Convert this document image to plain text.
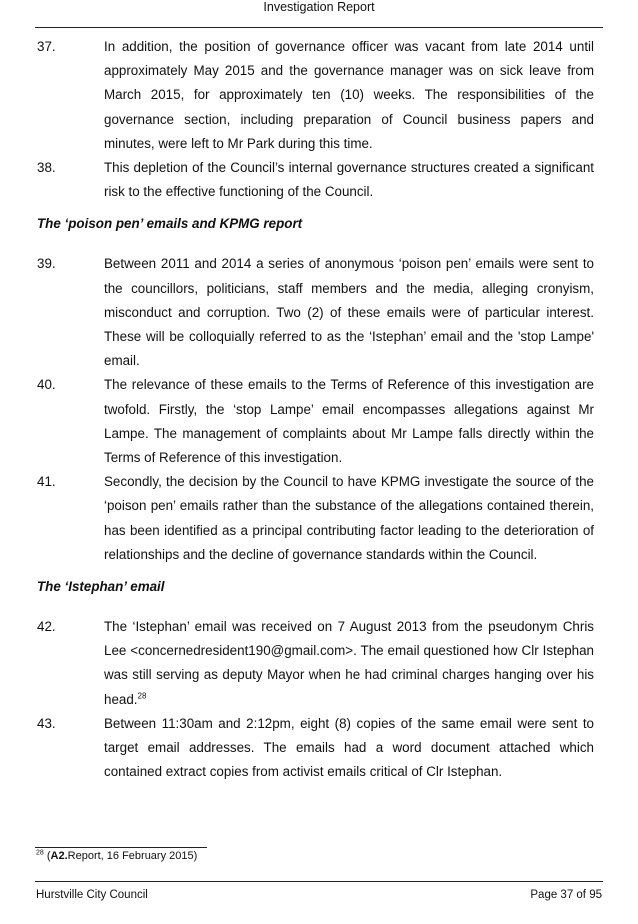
Investigation Report
37.	In addition, the position of governance officer was vacant from late 2014 until approximately May 2015 and the governance manager was on sick leave from March 2015, for approximately ten (10) weeks. The responsibilities of the governance section, including preparation of Council business papers and minutes, were left to Mr Park during this time.
38.	This depletion of the Council’s internal governance structures created a significant risk to the effective functioning of the Council.
The ‘poison pen’ emails and KPMG report
39.	Between 2011 and 2014 a series of anonymous ‘poison pen’ emails were sent to the councillors, politicians, staff members and the media, alleging cronyism, misconduct and corruption. Two (2) of these emails were of particular interest. These will be colloquially referred to as the ‘Istephan’ email and the 'stop Lampe' email.
40.	The relevance of these emails to the Terms of Reference of this investigation are twofold. Firstly, the ‘stop Lampe’ email encompasses allegations against Mr Lampe. The management of complaints about Mr Lampe falls directly within the Terms of Reference of this investigation.
41.	Secondly, the decision by the Council to have KPMG investigate the source of the ‘poison pen’ emails rather than the substance of the allegations contained therein, has been identified as a principal contributing factor leading to the deterioration of relationships and the decline of governance standards within the Council.
The ‘Istephan’ email
42.	The ‘Istephan’ email was received on 7 August 2013 from the pseudonym Chris Lee <concernedresident190@gmail.com>. The email questioned how Clr Istephan was still serving as deputy Mayor when he had criminal charges hanging over his head.$^{28}$
43.	Between 11:30am and 2:12pm, eight (8) copies of the same email were sent to target email addresses. The emails had a word document attached which contained extract copies from activist emails critical of Clr Istephan.
$^{28}$ (A2.Report, 16 February 2015)
Hurstville City Council	Page 37 of 95
